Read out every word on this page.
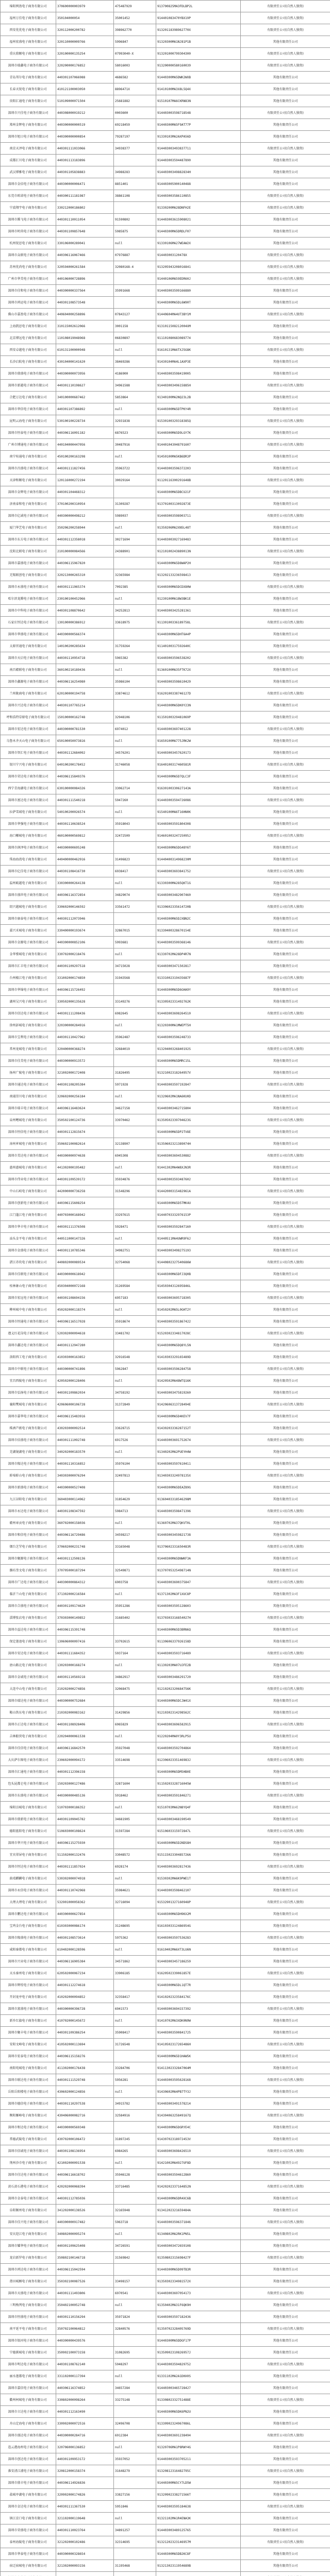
绵阳网盈电子商务有限公司	370600000003979	475487929	913700825MA3FDLBP2L	有限责任公司(自然人独资)
福州万佳电子商务有限公司	350104000054	35001452	914401083470YBX19P	有限责任公司(自然人独资)
西安优优电子商务有限公司	320112000200782	398962770	91320118398962770X	有限责任公司(自然人独资)
福州宏盛电子商务有限公司	320110000009766	5996847	91320300MA1NJ81P1B	其他有限责任公司
重庆鼎顺电子商务有限公司	320100000135254	07993040-X	913201000799304300	有限责任公司(自然人独资)
深圳市瑞鑫电子商务有限公司	320200000176852	58016003	913200000580160039	有限责任公司(自然人独资)
青岛邦尔电子商务有限公司	440301107066988	4686582	91440300MA5DWK2WXB	其他有限责任公司
长春天锐电子商务有限公司	410121100003050	8896471X	91410100MA3X8L5Q4X	其他有限责任公司
贵阳汇通电子商务有限公司	510109000071504	25681882	91510107MA6CKRN83N	其他有限责任公司
深圳市兴佳电子商务有限公司	440308000019212	0003600	914403003598718548	有限责任公司(自然人独资)
郑州金辉电子商务有限公司	440300000000519	69218459	91440300MA5F9AT77P	其他有限责任公司
深圳市旭日电子商务有限公司	440300000000854	79287197	91330103MA2AXPA56D	其他有限责任公司
南京天泽电子商务有限公司	440301111033066	34938377	914403003493837711	有限责任公司(自然人独资)
成都汇川电子商务有限公司	440301113183896		914403003594487890	其他有限责任公司
武汉博雅电子商务有限公司	440301105838883	34988283	91440300349882834H	其他有限责任公司
深圳市金佰电子商务有限公司	440300000006471	8851401	914403005900140488	其他有限责任公司
东莞市欧诺电子商务有限公司	440300111181987	38861108	914403003586110855	有限责任公司(自然人独资)
宁波翔宇电子商务有限公司	330212000186802		91330200MA28DNFH2E	有限责任公司(自然人独资)
深圳市腾飞电子商务有限公司	440301110011054	91590802	914403003615908021	其他有限责任公司
深圳市时尚电子商务有限公司	440301109857648	5985875	91440300MA5DRDLF07	其他有限责任公司
杭州锐思电子商务有限公司	330106000289041	null	91330106MA27WEAW2X	其他有限责任公司
深圳市众联电子商务有限公司	440306116067466	07976887	914403003120478X	有限责任公司(自然人独资)
苏州优尚电子商务有限公司	320594000261584	32080168-4	913205943208016841	有限责任公司(自然人独资)
广州市华美电子商务有限公司	440106000728896		91440106MA59EDR60J	有限责任公司(自然人独资)
深圳市佳和电子商务有限公司	440300000337564	35991668	914403003599166880	其他有限责任公司
深圳市鸿运电子商务有限公司	440301108573548		91440300MA5DL6W90T	其他有限责任公司
佛山市嘉盈电子商务有限公司	440604000258896	07843127	91440604MA4UT3BY1M	有限责任公司(自然人独资)
上海凯思电子商务有限公司	310115002612066	3001158	9131011508212004XM	其他有限责任公司
北京博远电子商务有限公司	110108019048968	06830897	911101080683089774	其他有限责任公司
西安卓越电子商务有限公司	610131100000948	null	91610131MA6TXJ5G8K	有限责任公司(自然人独资)
长沙启航电子商务有限公司	430104000141620	38469286	91430104MA4L1AXP3E	其他有限责任公司
深圳市鼎盛电子商务有限公司	440300000073956	4186900	914403003598419005	其他有限责任公司
深圳市新越电子商务有限公司	440301110198627	34961588	91440300349615885H	有限责任公司(自然人独资)
合肥万达电子商务有限公司	340100000687462	5853864	91340100MA2NQ23L2B	其他有限责任公司
深圳市华信电子商务有限公司	440301107386892	null	91440300MA5DTPKY4R	其他有限责任公司
昆明云海电子商务有限公司	530100100228734	32931838	91530100329318385Q	有限责任公司(自然人独资)
深圳市恒泰电子商务有限公司	440306116091182	6876523	91440300MA5D9LGY7K	其他有限责任公司
广州市博通电子商务有限公司	440104000447056	30487916	914401043048791607	有限责任公司(自然人独资)
南宁桂通电子商务有限公司	450100200163298	null	91450100MA5KB6DR3P	其他有限责任公司
深圳市昌盛电子商务有限公司	440301111827456	35963722	914403003596372203	其他有限责任公司
天津和顺电子商务有限公司	120116000272194	30029164	91120116300291648B	有限责任公司(自然人独资)
深圳市金辉电子商务有限公司	440301104468312		91440300MA5DBCU21F	其他有限责任公司
济南泰和电子商务有限公司	370100200310954	31309287	91370100313092873E	其他有限责任公司
深圳市亿诚电子商务有限公司	440300000498212	5989037	914403003598903711	有限责任公司(自然人独资)
厦门华艺电子商务有限公司	350206200258944	null	91350206MA2XN5L48T	其他有限责任公司
深圳市东方电子商务有限公司	440301112358018	30271694	914403003027169483	其他有限责任公司
沈阳北联电子商务有限公司	210100000084566	24388901	91210100243889013N	有限责任公司(自然人独资)
深圳市嘉盛电子商务有限公司	440306115967820		91440300MA5D8WAP2H	其他有限责任公司
无锡联创电子商务有限公司	320213000265310	32365984	913202133236598413	其他有限责任公司
深圳市永盛电子商务有限公司	440301111965374	7092385	91440300MA5DCDX80W	有限责任公司(自然人独资)
哈尔滨龙腾电子商务有限公司	230100100452966	null	91230100MA18W3BK1E	其他有限责任公司
深圳市中科电子商务有限公司	440301108870642	34252813	914403003425281361	其他有限责任公司
石家庄恒达电子商务有限公司	130100000386912	33618975	91130100336189758L	有限责任公司(自然人独资)
深圳市华盛电子商务有限公司	440300000566374		91440300MA5DHT6A4P	其他有限责任公司
太原晋通电子商务有限公司	140100200285634	31759264	91140100317592640C	其他有限责任公司
深圳市天启电子商务有限公司	440301110954718	5965382	914403003596538202	有限责任公司(自然人独资)
南昌赣联电子商务有限公司	360100210189436	null	91360100MA35FTK72X	其他有限责任公司
深圳市鑫源电子商务有限公司	440306116254980	35986104	914403003598610429	其他有限责任公司
兰州陇商电子商务有限公司	620100000194758	33874612	91620100338746127D	有限责任公司(自然人独资)
深圳市兴达电子商务有限公司	440301107765214		91440300MA5DK0Y23N	其他有限责任公司
呼和浩特草原电子商务有限公司	150100000162748	32948106	91150100329481069P	其他有限责任公司
深圳市宏达电子商务有限公司	440300000781530	6974012	914403003697401228	有限责任公司(自然人独资)
乌鲁木齐天山电子商务有限公司	650100050073816	null	91650100MA775JRK2W	其他有限责任公司
深圳市智汇电子商务有限公司	440301112684092	34576201	914403003457620173	其他有限责任公司
银川宁兴电子商务有限公司	640100200178452	31746058	91640100317460581R	有限责任公司(自然人独资)
深圳市荣达电子商务有限公司	440306115849376		91440300MA5D7QLC3F	其他有限责任公司
西宁青海湖电子商务有限公司	630100000084326	33062714	91630100330627143A	其他有限责任公司
深圳市富达电子商务有限公司	440301111540218	5947260	914403003594726086	有限责任公司(自然人独资)
拉萨雪域电子商务有限公司	540100200026574	null	91540100MA6T16HN0K	其他有限责任公司
深圳市华强电子商务有限公司	440301110638524	35918043	914403003591804308	其他有限责任公司
海口椰城电子商务有限公司	460100000569812	32472509	91460100324725095J	有限责任公司(自然人独资)
深圳市润泽电子商务有限公司	440300000695248		91440300MA5DG48Y6T	其他有限责任公司
珠海海湾电子商务有限公司	440400000462916	31496823	91440400314968230M	其他有限责任公司
深圳市亿佳电子商务有限公司	440301108416730	6938417	914403003693841752	有限责任公司(自然人独资)
温州瓯越电子商务有限公司	330300000264138	null	91330300MA285QKT1G	其他有限责任公司
深圳市盛世电子商务有限公司	440306116372854	34829074	914403003482907460	其他有限责任公司
绍兴越城电子商务有限公司	330602000146592	33561472	91330602335614720B	有限责任公司(自然人独资)
深圳市康泰电子商务有限公司	440301112073946		91440300MA5DJXBN2C	其他有限责任公司
嘉兴禾城电子商务有限公司	330400000193674	32867015	91330400328670154E	其他有限责任公司
深圳市金源电子商务有限公司	440300000852106	5993681	914403003599368146	有限责任公司(自然人独资)
金华婺城电子商务有限公司	330702000218476	null	91330702MA28DP4R7N	其他有限责任公司
深圳市汇丰电子商务有限公司	440301109297518	34715028	914403003471502817	其他有限责任公司
台州椒江电子商务有限公司	331002000174850	31943568	91331002319435687F	有限责任公司(自然人独资)
深圳市华锦电子商务有限公司	440306115726492		91440300MA5D6GHA9Y	其他有限责任公司
湖州吴兴电子商务有限公司	330502000135628	33149276	91330502331492762K	其他有限责任公司
深圳市信达电子商务有限公司	440301111208436	6982645	914403003698264510	有限责任公司(自然人独资)
徐州彭城电子商务有限公司	320300000284916	null	91320300MA1MWEPT5H	其他有限责任公司
深圳市宝利电子商务有限公司	440301110427962	35962487	914403003596248733	其他有限责任公司
常州龙城电子商务有限公司	320400000368274	32684019	91320400326840192S	有限责任公司(自然人独资)
深圳市佳美电子商务有限公司	440300000913572		91440300MA5DMRC15L	其他有限责任公司
扬州广陵电子商务有限公司	321002000172408	31826495	91321002318264957V	其他有限责任公司
深圳市通达电子商务有限公司	440301108205384	5971928	914403003597192847	有限责任公司(自然人独资)
南通崇川电子商务有限公司	320602000256184	null	91320602MA1NA6KU0D	其他有限责任公司
深圳市瑞丰电子商务有限公司	440306116483624	34627158	914403003462715804	其他有限责任公司
泉州鲤城电子商务有限公司	350502100124736	33970462	91350502339704623G	有限责任公司(自然人独资)
深圳市恒信电子商务有限公司	440301112815674		91440300MA5DP2TV8E	其他有限责任公司
漳州芗城电子商务有限公司	350602100082614	32138907	91350602321389074H	其他有限责任公司
深圳市美达电子商务有限公司	440300000974638	6945308	914403003694530882	有限责任公司(自然人独资)
惠州惠城电子商务有限公司	441302000195482	null	91441302MA4W8XJN3R	其他有限责任公司
深圳市伟业电子商务有限公司	440301109539172	35934876	914403003593487602	其他有限责任公司
中山石岐电子商务有限公司	442000000736258	31548296	91442000315482961A	有限责任公司(自然人独资)
深圳市创新电子商务有限公司	440306115608254		91440300MA5D5TMK4U	其他有限责任公司
江门蓬江电子商务有限公司	440703000168942	33297615	91440703332976153P	其他有限责任公司
深圳市华丰电子商务有限公司	440301111376508	5928471	914403003592847160	有限责任公司(自然人独资)
汕头金平电子商务有限公司	440511000147326	null	91440511MA4UWR9F6J	其他有限责任公司
深圳市金盛电子商务有限公司	440301110785346	34982751	914403003498275193	其他有限责任公司
湛江赤坎电子商务有限公司	440802000089534	32754068	91440802327540686W	有限责任公司(自然人独资)
深圳市佳联电子商务有限公司	440300000618942		91440300MA5DFJ3Q0B	其他有限责任公司
桂林象山电子商务有限公司	450304000072168	31269584	91450304312695846L	其他有限责任公司
深圳市宏远电子商务有限公司	440301108694156	6957183	914403003695718305	有限责任公司(自然人独资)
柳州城中电子商务有限公司	450202000118374	null	91450202MA5L0GHT2Y	其他有限责任公司
深圳市恒通电子商务有限公司	440306116517028	35918674	914403003591867422	其他有限责任公司
遵义红花岗电子商务有限公司	520302000094618	33481702	91520302334817028C	有限责任公司(自然人独资)
深圳市鑫达电子商务有限公司	440301112947280		91440300MA5DQ8YL5N	其他有限责任公司
洛阳西工电子商务有限公司	410303000163852	32916548	91410303329165489D	其他有限责任公司
深圳市中联电子商务有限公司	440300000741896	5962847	914403003596284758	有限责任公司(自然人独资)
宜昌西陵电子商务有限公司	420502000128406	null	91420502MA48WTQ16K	其他有限责任公司
深圳市弘扬电子商务有限公司	440301109862034	34758192	914403003475819260	其他有限责任公司
襄阳樊城电子商务有限公司	420606000106728	31372849	91420606313728494E	有限责任公司(自然人独资)
深圳市嘉华电子商务有限公司	440306115483916		91440300MA5D4KEV7F	其他有限责任公司
株洲芦淞电子商务有限公司	430203000092514	33628715	91430203336287152T	其他有限责任公司
深圳市佰盛电子商务有限公司	440301111092748	6917526	914403003691752674	有限责任公司(自然人独资)
芜湖镜湖电子商务有限公司	340202000183570	null	91340202MA2PUEYH4W	其他有限责任公司
深圳市隆达电子商务有限公司	440301110316852	35976104	914403003597610411	其他有限责任公司
蚌埠蚌山电子商务有限公司	340303000076294	32497813	91340303324978135X	有限责任公司(自然人独资)
深圳市新盛电子商务有限公司	440300000527408		91440300MA5DEAZ89G	其他有限责任公司
九江浔阳电子商务有限公司	360403000114962	31854629	91360403318546298M	其他有限责任公司
深圳市永达电子商务有限公司	440301108347592	5984713	914403003598471396	有限责任公司(自然人独资)
赣州章贡电子商务有限公司	360702000158036	null	91360702MA37QKVT0L	其他有限责任公司
深圳市和信电子商务有限公司	440306116729486	34598217	914403003459821738	其他有限责任公司
烟台芝罘电子商务有限公司	370602000231748	33165048	91370602331650483R	有限责任公司(自然人独资)
深圳市聚源电子商务有限公司	440301112508136		91440300MA5DNWKF3A	其他有限责任公司
潍坊奎文电子商务有限公司	370705000187294	32549871	91370705325498714N	其他有限责任公司
深圳市广达电子商务有限公司	440300000864312	6903758	914403003690375847	有限责任公司(自然人独资)
临沂兰山电子商务有限公司	371302000216584	null	91371302MA3F1XUC8P	其他有限责任公司
深圳市合盛电子商务有限公司	440301109174620	35951286	914403003595128603	其他有限责任公司
淄博张店电子商务有限公司	370303000149852	31685402	91370303316854027H	有限责任公司(自然人独资)
深圳市益达电子商务有限公司	440306115391748		91440300MA5D3BRN6Q	其他有限责任公司
保定莲池电子商务有限公司	130606000097416	33792615	91130606337926158D	其他有限责任公司
深圳市安达电子商务有限公司	440301111684352	5937164	914403003593716489	有限责任公司(自然人独资)
唐山路北电子商务有限公司	130203000168274	null	91130203MA07UJFE2B	其他有限责任公司
深圳市金诚电子商务有限公司	440301110569218	34862917	914403003486291720	其他有限责任公司
大连中山电子商务有限公司	210202000274856	32068475	91210202320684756K	有限责任公司(自然人独资)
深圳市瑞达电子商务有限公司	440300000752684		91440300MA5DCJW41X	其他有限责任公司
鞍山铁东电子商务有限公司	210302000083162	31429856	91210302314298562C	其他有限责任公司
深圳市正达电子商务有限公司	440301108928406	6965829	914403003696582915	有限责任公司(自然人独资)
吉林船营电子商务有限公司	220204000061538	null	91220204MA0Y3RLP5U	其他有限责任公司
深圳市佳信电子商务有限公司	440306116842570	35927048	914403003592704864	其他有限责任公司
大庆萨尔图电子商务有限公司	230602000094172	33514698	91230602335146983J	有限责任公司(自然人独资)
深圳市汇通电子商务有限公司	440301112396158		91440300MA5DM5HB0E	其他有限责任公司
包头昆都仑电子商务有限公司	150203000127486	32871604	91150203328716045W	其他有限责任公司
深圳市东盛电子商务有限公司	440300000485136	5918462	914403003591846271	有限责任公司(自然人独资)
绵阳涪城电子商务有限公司	510703000186352	null	91510703MA62N8YQ4F	其他有限责任公司
深圳市鼎新电子商务有限公司	440301109045782	34681905	914403003468190549	其他有限责任公司
德阳旌阳电子商务有限公司	510603000108624	31597284	91510603315972847L	有限责任公司(自然人独资)
深圳市华兴电子商务有限公司	440306115275930		91440300MA5D2NDS8H	其他有限责任公司
宜宾翠屏电子商务有限公司	511502000132476	33048572	91511502330485726A	其他有限责任公司
深圳市恒达电子商务有限公司	440301111857024	6928174	914403003692817436	有限责任公司(自然人独资)
曲靖麒麟电子商务有限公司	530302000074918	null	91530302MA6K9PWE1T	其他有限责任公司
深圳市永信电子商务有限公司	440301110742968	35984621	914403003598462107	其他有限责任公司
大理大理电子商务有限公司	532901000058362	32716094	91532901327160948P	有限责任公司(自然人独资)
深圳市鹏达电子商务有限公司	440300000627854		91440300MA5DH9KX2M	其他有限责任公司
宝鸡金台电子商务有限公司	610303000086174	31248695	91610303312486954G	其他有限责任公司
深圳市隆盛电子商务有限公司	440301108573614	5975362	914403003597536283	有限责任公司(自然人独资)
咸阳秦都电子商务有限公司	610402000128596	null	91610402MA6XT3LU6N	其他有限责任公司
深圳市兴业电子商务有限公司	440306116905384	34571862	914403003457186259	其他有限责任公司
天水秦州电子商务有限公司	620502000067234	33906185	91620502339061857E	有限责任公司(自然人独资)
深圳市辉煌电子商务有限公司	440301112274618		91440300MA5DL1QT7R	其他有限责任公司
开封龙亭电子商务有限公司	410202000094852	32358417	91410202323584176C	其他有限责任公司
深圳市富盛电子商务有限公司	440300000396728	6941573	914403003694157392	有限责任公司(自然人独资)
新乡红旗电子商务有限公司	410702000145672	null	91410702MA3XDK0N9W	其他有限责任公司
深圳市聚丰电子商务有限公司	440301109386254	35908417	914403003590841725	其他有限责任公司
安阳文峰电子商务有限公司	410502000113694	31726548	91410502317265486H	有限责任公司(自然人独资)
深圳市宏泰电子商务有限公司	440306115158276		91440300MA5D1HAW5K	其他有限责任公司
南阳宛城电子商务有限公司	411302000176438	33284706	91411302332847064M	其他有限责任公司
深圳市联达电子商务有限公司	440301111529748	5956281	914403003595628168	有限责任公司(自然人独资)
岳阳岳阳楼电子商务有限公司	430602000124856	null	91430602MA4PB7TY3J	其他有限责任公司
深圳市德信电子商务有限公司	440301110297538	34915782	914403003491578214	其他有限责任公司
衡阳雁峰电子商务有限公司	430406000082716	32584916	91430406325849167Q	有限责任公司(自然人独资)
深圳市和达电子商务有限公司	440300000569348		91440300MA5DGRYE4C	其他有限责任公司
常德武陵电子商务有限公司	430702000106472	31897245	91430702318972453V	其他有限责任公司
深圳市信诚电子商务有限公司	440301108136954	6984265	914403003698426519	有限责任公司(自然人独资)
荆州沙市电子商务有限公司	421002000091538	null	91421002MA4927UF8D	其他有限责任公司
深圳市佳达电子商务有限公司	440306116618702	35946128	914403003594612860	其他有限责任公司
黄石黄石港电子商务有限公司	420202000068394	33716485	91420202337164852N	有限责任公司(自然人独资)
深圳市金泰电子商务有限公司	440301112785036		91440300MA5DR4XC6B	其他有限责任公司
阜阳颍州电子商务有限公司	341202000138526	32165948	91341202321659484A	其他有限责任公司
深圳市佳兴电子商务有限公司	440300000917482	5963718	914403003596371846	有限责任公司(自然人独资)
安庆迎江电子商务有限公司	340802000095274	null	91340802MA2RK1PN5L	其他有限责任公司
深圳市耀华电子商务有限公司	440301109625408	34726591	914403003472659108	其他有限责任公司
龙岩新罗电子商务有限公司	350802100146718	31569842	91350802315698427F	有限责任公司(自然人独资)
深圳市鸿达电子商务有限公司	440306115042594		91440300MA5D09TB3R	其他有限责任公司
莆田城厢电子商务有限公司	350302100087526	33498157	91350302334981572X	其他有限责任公司
深圳市天盛电子商务有限公司	440301111493806	6970541	914403003697054173	有限责任公司(自然人独资)
三明梅列电子商务有限公司	350402100052748	null	91350402MA31F6QK9H	其他有限责任公司
深圳市恒盛电子商务有限公司	440301110156294	35971824	914403003597182436	其他有限责任公司
南平延平电子商务有限公司	350702100064812	32840576	91350702328405769D	有限责任公司(自然人独资)
深圳市银河电子商务有限公司	440300000439576		91440300MA5DDGF17P	其他有限责任公司
宁德蕉城电子商务有限公司	350902100073158	31082695	91350902310826957J	其他有限责任公司
深圳市明达电子商务有限公司	440301108762140	5948297	914403003594829752	有限责任公司(自然人独资)
丽水莲都电子商务有限公司	331102000117394	null	91331102MA2A1DHX0S	其他有限责任公司
深圳市嘉信电子商务有限公司	440306116374852	34657284	914403003465728427	其他有限责任公司
衢州柯城电子商务有限公司	330802000098264	33275148	91330802332751488E	有限责任公司(自然人独资)
深圳市立达电子商务有限公司	440301112163490		91440300MA5DK6PN2U	其他有限责任公司
舟山定海电子商务有限公司	330902000072516	32496708	91330902324967086L	其他有限责任公司
深圳市盛达电子商务有限公司	440300000284716	6912384	914403003691238494	有限责任公司(自然人独资)
连云港海州电子商务有限公司	320706000136852	null	91320706MA1P8RWY4G	其他有限责任公司
深圳市创达电子商务有限公司	440301109953172	35937052	914403003593705211	其他有限责任公司
淮安清江浦电子商务有限公司	320812000158374	31648279	91320812316482795C	有限责任公司(自然人独资)
深圳市鼎丰电子商务有限公司	440306114926836		91440300MA5CY7LD5W	其他有限责任公司
盐城亭湖电子商务有限公司	320902000174826	33827156	91320902338271566T	其他有限责任公司
深圳市金达电子商务有限公司	440301111367530	5951846	914403003595184638	有限责任公司(自然人独资)
镇江京口电子商务有限公司	321102000119648	null	91321102MA1R4ENA3K	其他有限责任公司
深圳市荣盛电子商务有限公司	440301110023764	34891257	914403003489125765	其他有限责任公司
泰州海陵电子商务有限公司	321202000102486	32314695	91321202323146957M	有限责任公司(自然人独资)
深圳市华泰电子商务有限公司	440300000328654		91440300MA5DB2KC8F	其他有限责任公司
宿迁宿城电子商务有限公司	321302000093156	31195468	91321302311954689B	其他有限责任公司
